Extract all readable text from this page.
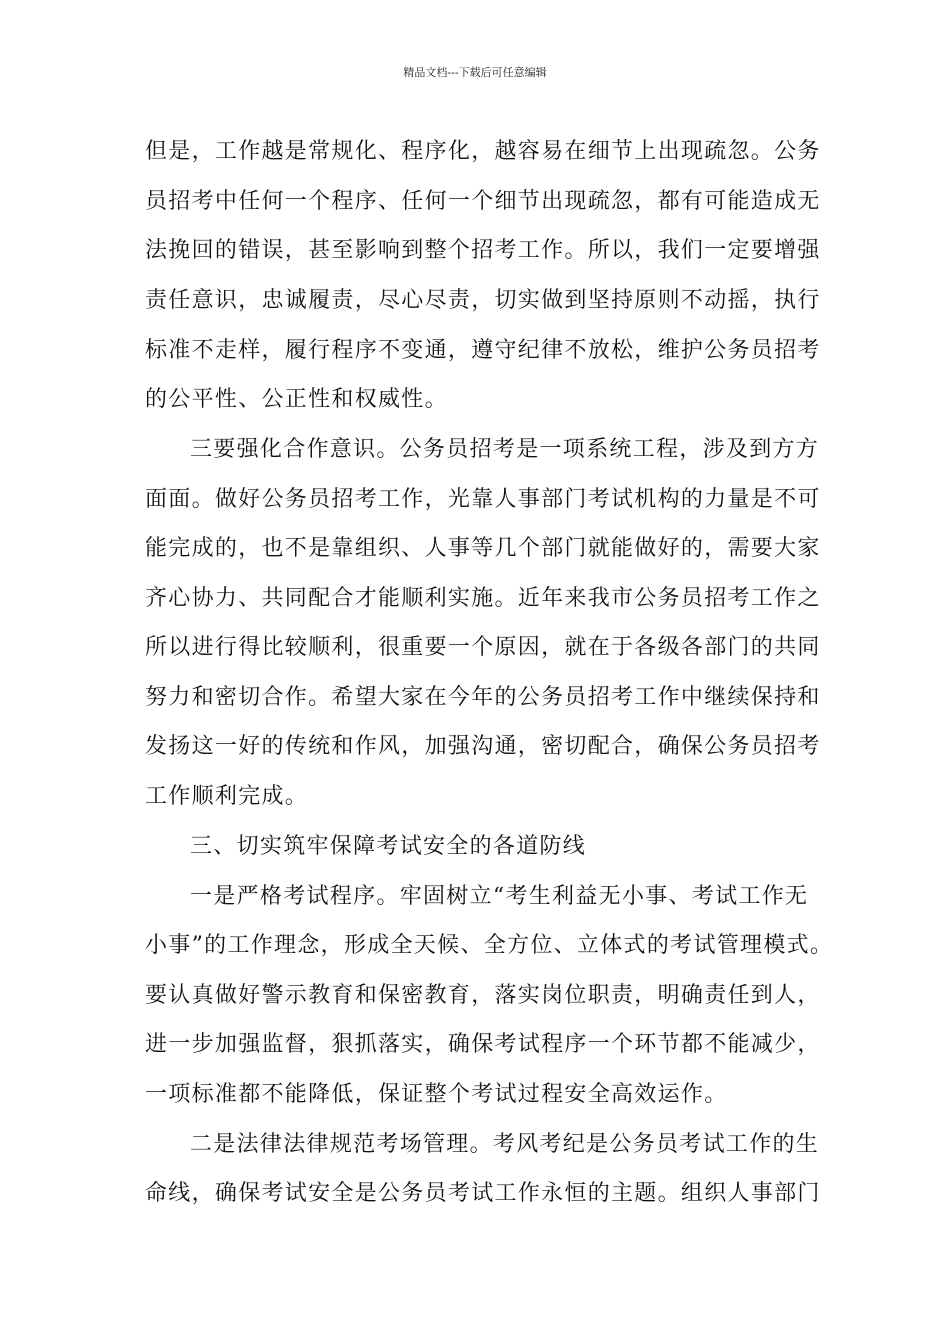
精品文档---下载后可任意编辑
但是，工作越是常规化、程序化，越容易在细节上出现疏忽。公务
员招考中任何一个程序、任何一个细节出现疏忽，都有可能造成无
法挽回的错误，甚至影响到整个招考工作。所以，我们一定要增强
责任意识，忠诚履责，尽心尽责，切实做到坚持原则不动摇，执行
标准不走样，履行程序不变通，遵守纪律不放松，维护公务员招考
的公平性、公正性和权威性。
三要强化合作意识。公务员招考是一项系统工程，涉及到方方
面面。做好公务员招考工作，光靠人事部门考试机构的力量是不可
能完成的，也不是靠组织、人事等几个部门就能做好的，需要大家
齐心协力、共同配合才能顺利实施。近年来我市公务员招考工作之
所以进行得比较顺利，很重要一个原因，就在于各级各部门的共同
努力和密切合作。希望大家在今年的公务员招考工作中继续保持和
发扬这一好的传统和作风，加强沟通，密切配合，确保公务员招考
工作顺利完成。
三、切实筑牢保障考试安全的各道防线
一是严格考试程序。牢固树立“考生利益无小事、考试工作无
小事”的工作理念，形成全天候、全方位、立体式的考试管理模式。
要认真做好警示教育和保密教育，落实岗位职责，明确责任到人，
进一步加强监督，狠抓落实，确保考试程序一个环节都不能减少，
一项标准都不能降低，保证整个考试过程安全高效运作。
二是法律法律规范考场管理。考风考纪是公务员考试工作的生
命线，确保考试安全是公务员考试工作永恒的主题。组织人事部门
